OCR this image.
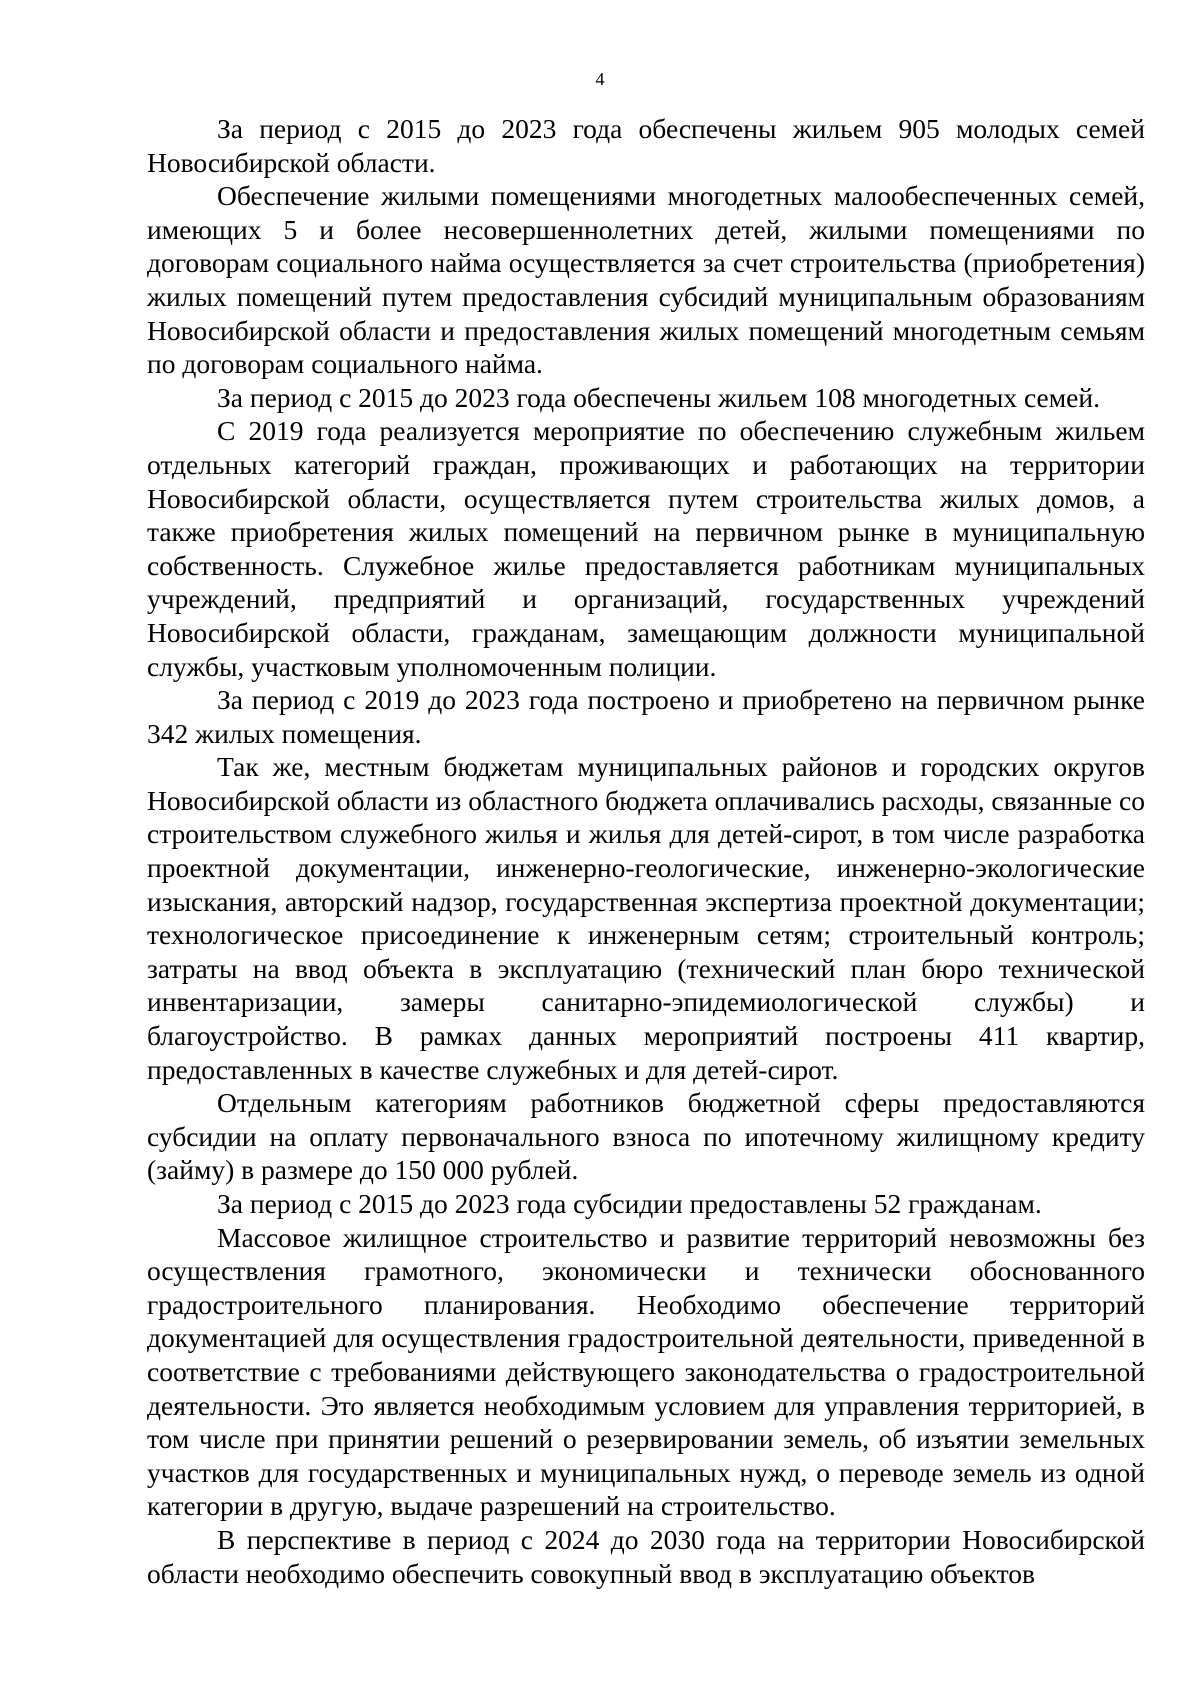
4

За период с 2015 до 2023 года обеспечены жильем 905 молодых семей Новосибирской области.

Обеспечение жилыми помещениями многодетных малообеспеченных семей, имеющих 5 и более несовершеннолетних детей, жилыми помещениями по договорам социального найма осуществляется за счет строительства (приобретения) жилых помещений путем предоставления субсидий муниципальным образованиям Новосибирской области и предоставления жилых помещений многодетным семьям по договорам социального найма.

За период с 2015 до 2023 года обеспечены жильем 108 многодетных семей.

С 2019 года реализуется мероприятие по обеспечению служебным жильем отдельных категорий граждан, проживающих и работающих на территории Новосибирской области, осуществляется путем строительства жилых домов, а также приобретения жилых помещений на первичном рынке в муниципальную собственность. Служебное жилье предоставляется работникам муниципальных учреждений, предприятий и организаций, государственных учреждений Новосибирской области, гражданам, замещающим должности муниципальной службы, участковым уполномоченным полиции.

За период с 2019 до 2023 года построено и приобретено на первичном рынке 342 жилых помещения.

Так же, местным бюджетам муниципальных районов и городских округов Новосибирской области из областного бюджета оплачивались расходы, связанные со строительством служебного жилья и жилья для детей-сирот, в том числе разработка проектной документации, инженерно-геологические, инженерно-экологические изыскания, авторский надзор, государственная экспертиза проектной документации; технологическое присоединение к инженерным сетям; строительный контроль; затраты на ввод объекта в эксплуатацию (технический план бюро технической инвентаризации, замеры санитарно-эпидемиологической службы) и благоустройство. В рамках данных мероприятий построены 411 квартир, предоставленных в качестве служебных и для детей-сирот.

Отдельным категориям работников бюджетной сферы предоставляются субсидии на оплату первоначального взноса по ипотечному жилищному кредиту (займу) в размере до 150 000 рублей.

За период с 2015 до 2023 года субсидии предоставлены 52 гражданам.

Массовое жилищное строительство и развитие территорий невозможны без осуществления грамотного, экономически и технически обоснованного градостроительного планирования. Необходимо обеспечение территорий документацией для осуществления градостроительной деятельности, приведенной в соответствие с требованиями действующего законодательства о градостроительной деятельности. Это является необходимым условием для управления территорией, в том числе при принятии решений о резервировании земель, об изъятии земельных участков для государственных и муниципальных нужд, о переводе земель из одной категории в другую, выдаче разрешений на строительство.

В перспективе в период с 2024 до 2030 года на территории Новосибирской области необходимо обеспечить совокупный ввод в эксплуатацию объектов
